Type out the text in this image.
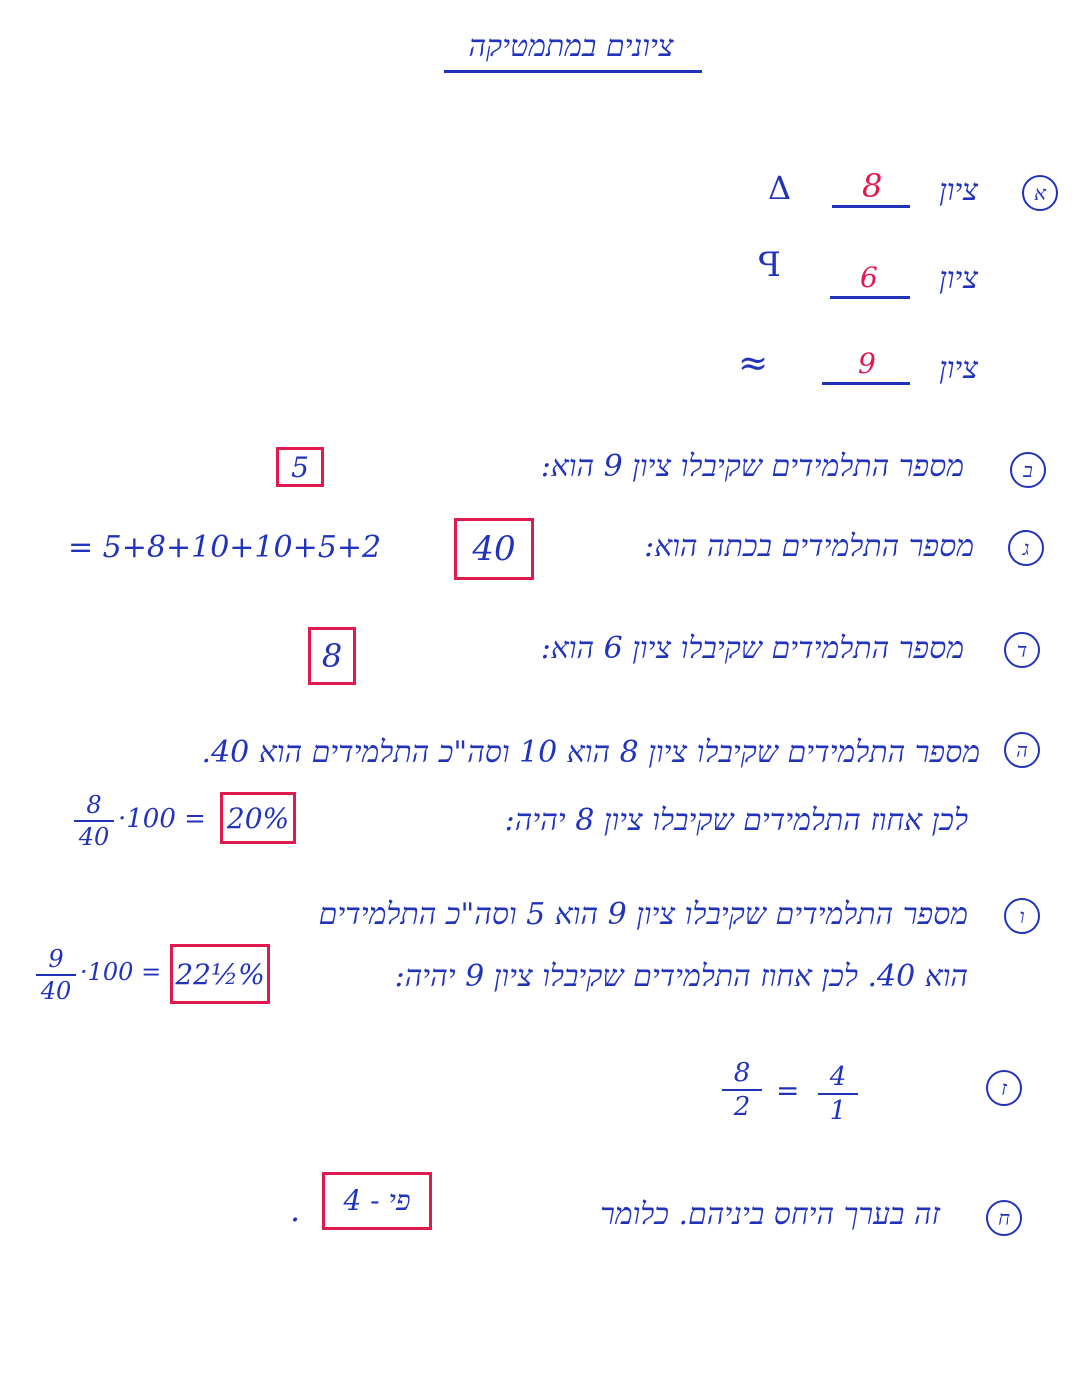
ציונים במתמטיקה
א
ציון
8
Δ
ציון
6
ꟼ
ציון
9
≈
ב
מספר התלמידים שקיבלו ציון 9 הוא:
5
ג
מספר התלמידים בכתה הוא:
40
= 5+8+10+10+5+2
ד
מספר התלמידים שקיבלו ציון 6 הוא:
8
ה
מספר התלמידים שקיבלו ציון 8 הוא 10 וסה"כ התלמידים הוא 40.
לכן אחוז התלמידים שקיבלו ציון 8 יהיה:
20%
8
40
·100 =
ו
מספר התלמידים שקיבלו ציון 9 הוא 5 וסה"כ התלמידים
הוא 40. לכן אחוז התלמידים שקיבלו ציון 9 יהיה:
22½%
9
40
·100 =
ז
8
2 = 4
1
ח
זה בערך היחס ביניהם. כלומר
פי - 4
.
